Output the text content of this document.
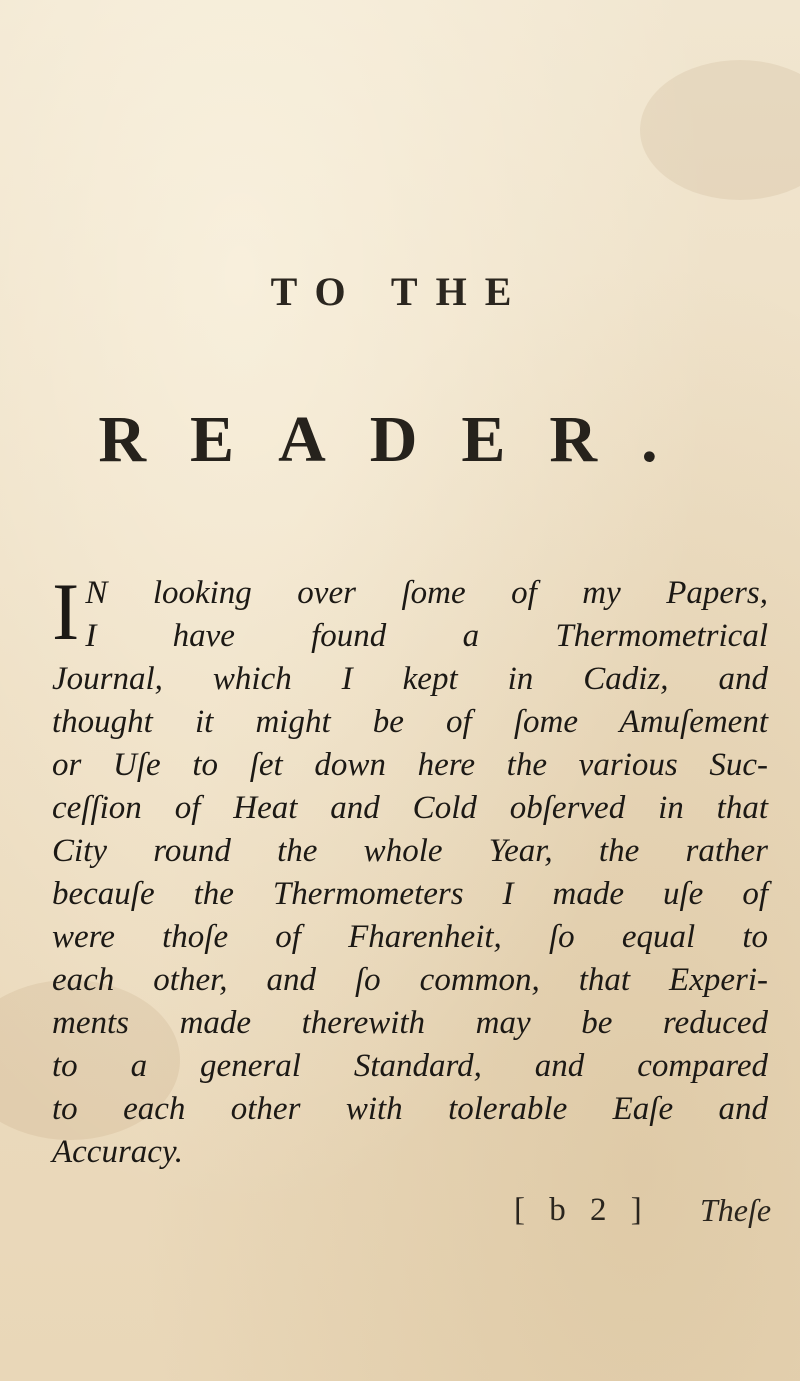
TO THE
READER.
I N looking over ſome of my Papers,
I have found a Thermometrical
Journal, which I kept in Cadiz, and
thought it might be of ſome Amuſement
or Uſe to ſet down here the various Suc-
ceſſion of Heat and Cold obſerved in that
City round the whole Year, the rather
becauſe the Thermometers I made uſe of
were thoſe of Fharenheit, ſo equal to
each other, and ſo common, that Experi-
ments made therewith may be reduced
to a general Standard, and compared
to each other with tolerable Eaſe and
Accuracy.
[ b 2 ] Theſe
